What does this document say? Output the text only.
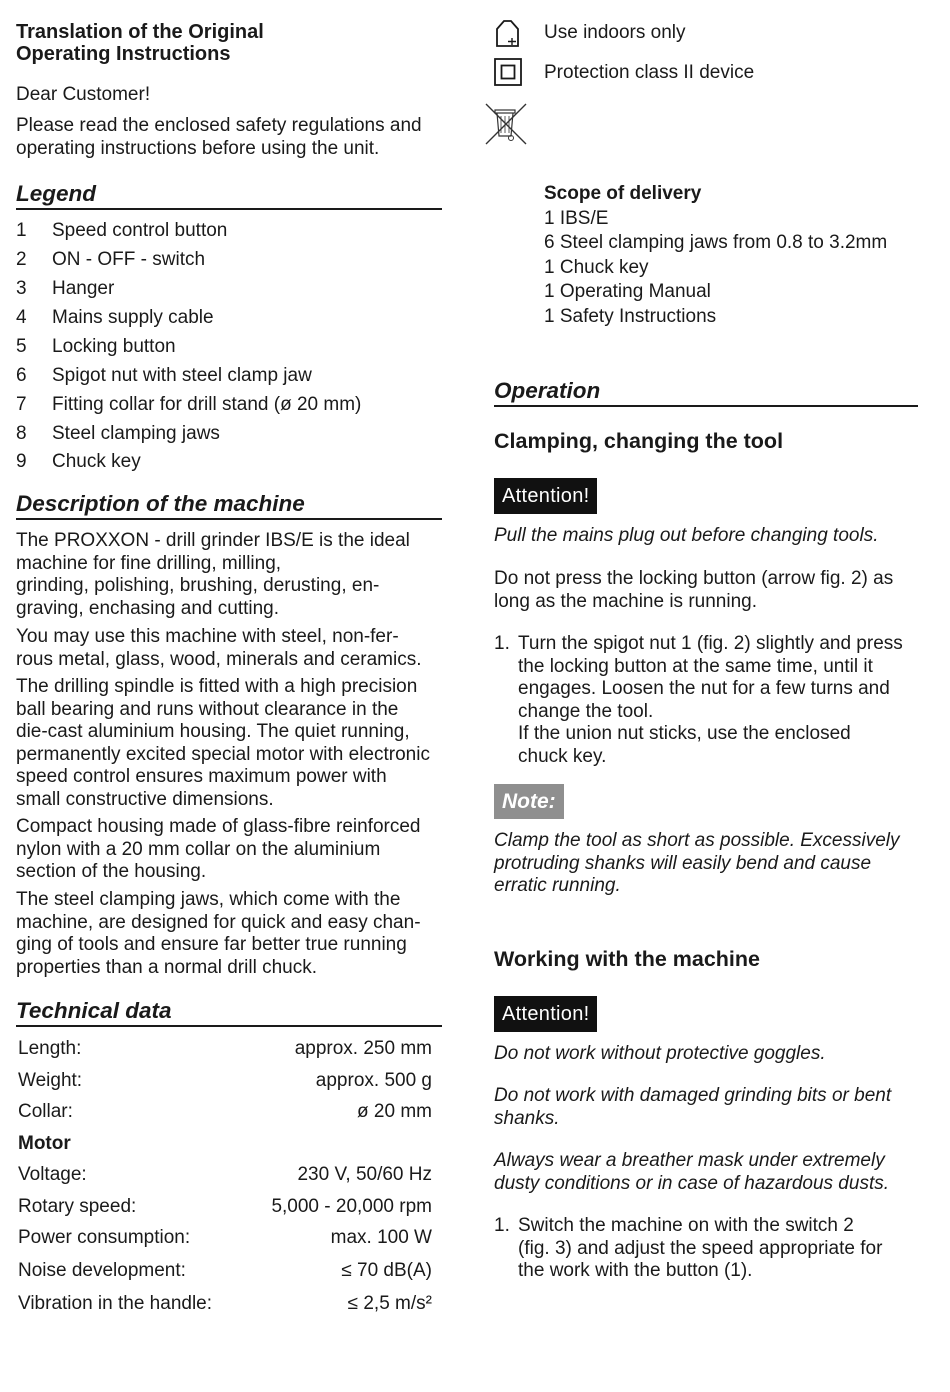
Translation of the Original
Operating Instructions

Dear Customer!

Please read the enclosed safety regulations and
operating instructions before using the unit.

Legend
1 Speed control button
2 ON - OFF - switch
3 Hanger
4 Mains supply cable
5 Locking button
6 Spigot nut with steel clamp jaw
7 Fitting collar for drill stand (ø 20 mm)
8 Steel clamping jaws
9 Chuck key
Description of the machine

The PROXXON - drill grinder IBS/E is the ideal
machine for fine drilling, milling,
grinding, polishing, brushing, derusting, en-
graving, enchasing and cutting.

You may use this machine with steel, non-fer-
rous metal, glass, wood, minerals and ceramics.

The drilling spindle is fitted with a high precision
ball bearing and runs without clearance in the
die-cast aluminium housing. The quiet running,
permanently excited special motor with electronic
speed control ensures maximum power with
small constructive dimensions.

Compact housing made of glass-fibre reinforced
nylon with a 20 mm collar on the aluminium
section of the housing.

The steel clamping jaws, which come with the
machine, are designed for quick and easy chan-
ging of tools and ensure far better true running
properties than a normal drill chuck.

Technical data
Length:	approx. 250 mm
Weight:	approx. 500 g
Collar:	ø 20 mm
Motor
Voltage:	230 V, 50/60 Hz
Rotary speed:	5,000 - 20,000 rpm
Power consumption:	max. 100 W
Noise development:	≤ 70 dB(A)
Vibration in the handle:	≤ 2,5 m/s²
Use indoors only
Protection class II device
Scope of delivery
1 IBS/E
6 Steel clamping jaws from 0.8 to 3.2mm
1 Chuck key
1 Operating Manual
1 Safety Instructions
Operation
Clamping, changing the tool
Attention!

Pull the mains plug out before changing tools.

Do not press the locking button (arrow fig. 2) as
long as the machine is running.

1. Turn the spigot nut 1 (fig. 2) slightly and press
the locking button at the same time, until it
engages. Loosen the nut for a few turns and
change the tool.
If the union nut sticks, use the enclosed
chuck key.
Note:

Clamp the tool as short as possible. Excessively
protruding shanks will easily bend and cause
erratic running.

Working with the machine
Attention!

Do not work without protective goggles.

Do not work with damaged grinding bits or bent
shanks.

Always wear a breather mask under extremely
dusty conditions or in case of hazardous dusts.

1. Switch the machine on with the switch 2
(fig. 3) and adjust the speed appropriate for
the work with the button (1).
